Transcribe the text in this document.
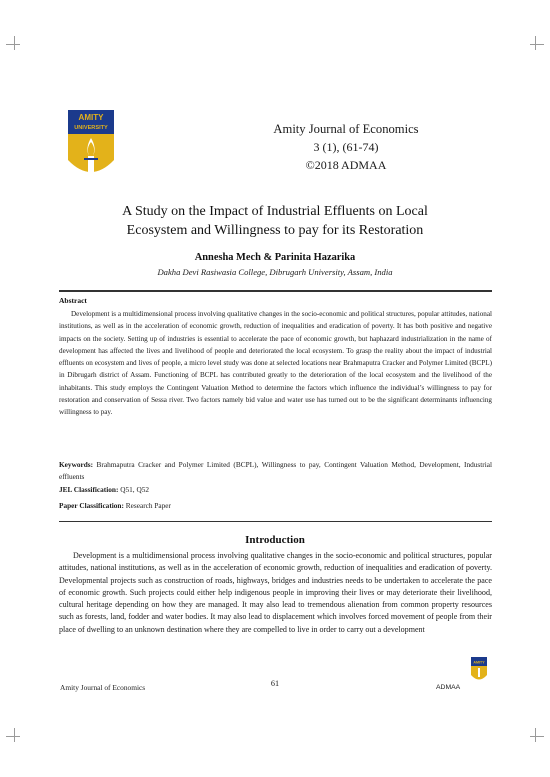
AMITY
UNIVERSITY	Amity Journal of Economics
3 (1), (61-74)
©2018 ADMAA
A Study on the Impact of Industrial Effluents on Local
Ecosystem and Willingness to pay for its Restoration
Annesha Mech & Parinita Hazarika
Dakha Devi Rasiwasia College, Dibrugarh University, Assam, India
Abstract
Development is a multidimensional process involving qualitative changes in the socio-economic and political structures, popular attitudes, national institutions, as well as in the acceleration of economic growth, reduction of inequalities and eradication of poverty. It has both positive and negative impacts on the society. Setting up of industries is essential to accelerate the pace of economic growth, but haphazard industrialization in the name of development has affected the lives and livelihood of people and deteriorated the local ecosystem. To grasp the reality about the impact of industrial effluents on ecosystem and lives of people, a micro level study was done at selected locations near Brahmaputra Cracker and Polymer Limited (BCPL) in Dibrugarh district of Assam. Functioning of BCPL has contributed greatly to the deterioration of the local ecosystem and the livelihood of the inhabitants. This study employs the Contingent Valuation Method to determine the factors which influence the individual’s willingness to pay for restoration and conservation of Sessa river. Two factors namely bid value and water use has turned out to be the significant determinants influencing willingness to pay.
Keywords: Brahmaputra Cracker and Polymer Limited (BCPL), Willingness to pay, Contingent Valuation Method, Development, Industrial effluents
JEL Classification: Q51, Q52
Paper Classification: Research Paper
Introduction
Development is a multidimensional process involving qualitative changes in the socio-economic and political structures, popular attitudes, national institutions, as well as in the acceleration of economic growth, reduction of inequalities and eradication of poverty. Developmental projects such as construction of roads, highways, bridges and industries needs to be undertaken to accelerate the pace of economic growth. Such projects could either help indigenous people in improving their lives or may deteriorate their livelihood, cultural heritage depending on how they are managed. It may also lead to tremendous alienation from common property resources such as forests, land, fodder and water bodies. It may also lead to displacement which involves forced movement of people from their place of dwelling to an unknown destination where they are compelled to live in order to carry out a development
Amity Journal of Economics	61	ADMAA
AMITY
